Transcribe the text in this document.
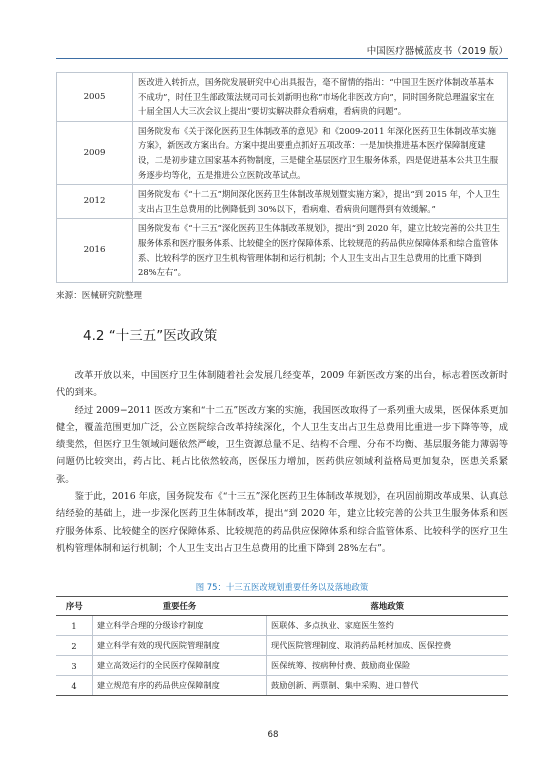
中国医疗器械蓝皮书（2019 版）
2005	医改进入转折点，国务院发展研究中心出具报告，毫不留情的指出：“中国卫生医疗体制改革基本不成功”，时任卫生部政策法规司司长刘新明也称“市场化非医改方向”，同时国务院总理温家宝在十届全国人大三次会议上提出“要切实解决群众看病难，看病贵的问题”。
2009	国务院发布《关于深化医药卫生体制改革的意见》和《2009-2011 年深化医药卫生体制改革实施方案》，新医改方案出台。方案中提出要重点抓好五项改革：一是加快推进基本医疗保障制度建设，二是初步建立国家基本药物制度，三是健全基层医疗卫生服务体系，四是促进基本公共卫生服务逐步均等化，五是推进公立医院改革试点。
2012	国务院发布《“十二五”期间深化医药卫生体制改革规划暨实施方案》，提出“到 2015 年，个人卫生支出占卫生总费用的比例降低到 30%以下，看病难、看病贵问题得到有效缓解。”
2016	国务院发布《“十三五”深化医药卫生体制改革规划》，提出“到 2020 年，建立比较完善的公共卫生服务体系和医疗服务体系、比较健全的医疗保障体系、比较规范的药品供应保障体系和综合监管体系、比较科学的医疗卫生机构管理体制和运行机制；个人卫生支出占卫生总费用的比重下降到 28%左右”。
来源：医械研究院整理
4.2 “十三五”医改政策

改革开放以来，中国医疗卫生体制随着社会发展几经变革，2009 年新医改方案的出台，标志着医改新时代的到来。

经过 2009−2011 医改方案和“十二五”医改方案的实施，我国医改取得了一系列重大成果，医保体系更加健全，覆盖范围更加广泛，公立医院综合改革持续深化，个人卫生支出占卫生总费用比重进一步下降等等，成绩斐然，但医疗卫生领域问题依然严峻，卫生资源总量不足、结构不合理、分布不均衡、基层服务能力薄弱等问题仍比较突出，药占比、耗占比依然较高，医保压力增加，医药供应领域利益格局更加复杂，医患关系紧张。

鉴于此，2016 年底，国务院发布《“十三五”深化医药卫生体制改革规划》，在巩固前期改革成果、认真总结经验的基础上，进一步深化医药卫生体制改革，提出“到 2020 年，建立比较完善的公共卫生服务体系和医疗服务体系、比较健全的医疗保障体系、比较规范的药品供应保障体系和综合监管体系、比较科学的医疗卫生机构管理体制和运行机制；个人卫生支出占卫生总费用的比重下降到 28%左右”。

图 75：十三五医改规划重要任务以及落地政策
序号	重要任务	落地政策
1	建立科学合理的分级诊疗制度	医联体、多点执业、家庭医生签约
2	建立科学有效的现代医院管理制度	现代医院管理制度、取消药品耗材加成、医保控费
3	建立高效运行的全民医疗保障制度	医保统筹、按病种付费、鼓励商业保险
4	建立规范有序的药品供应保障制度	鼓励创新、两票制、集中采购、进口替代
68
